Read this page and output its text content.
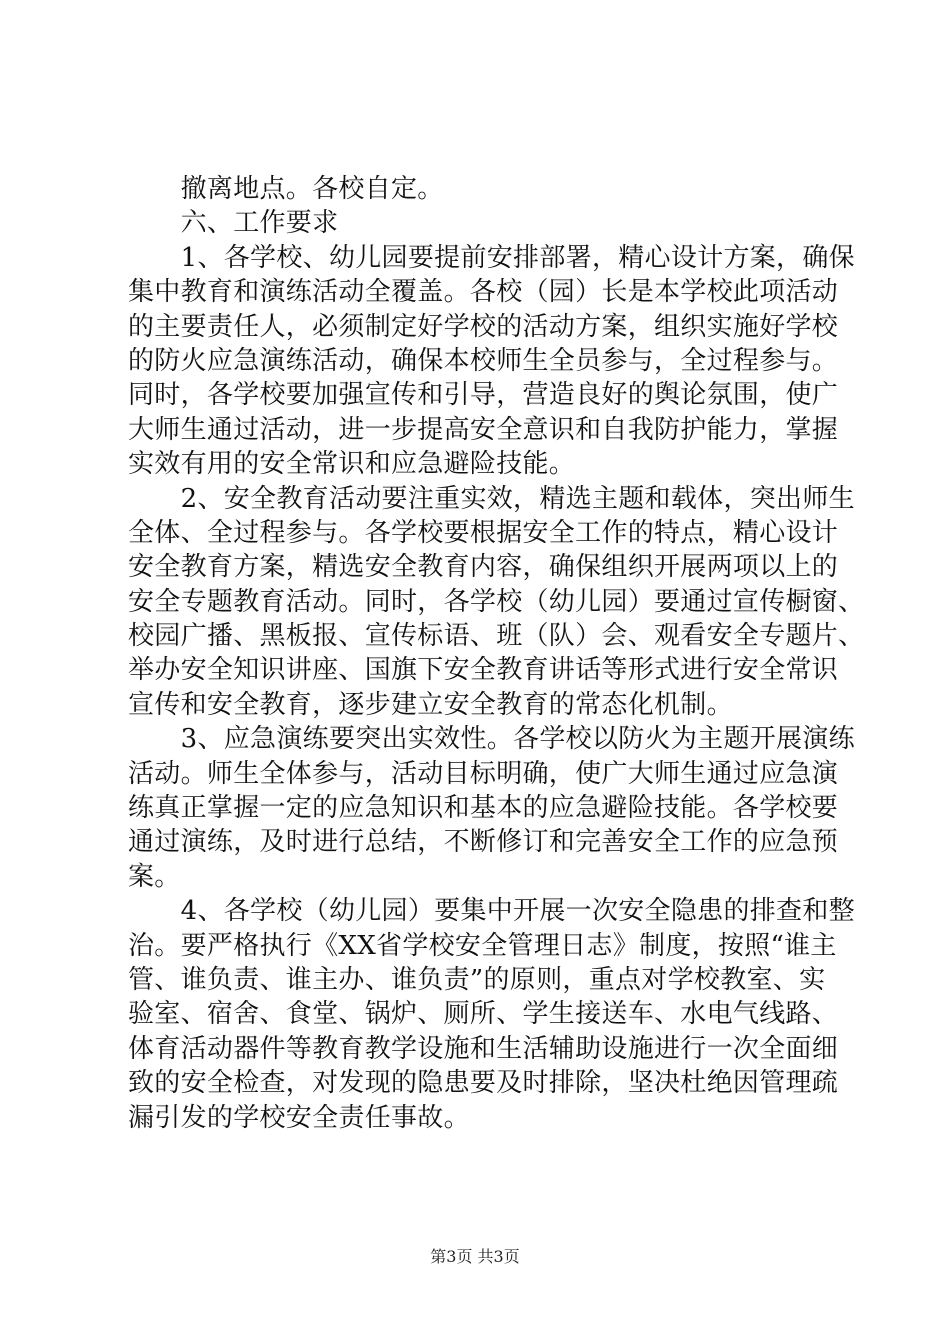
　　撤离地点。各校自定。
　　六、工作要求
　　1、各学校、幼儿园要提前安排部署，精心设计方案，确保
集中教育和演练活动全覆盖。各校（园）长是本学校此项活动
的主要责任人，必须制定好学校的活动方案，组织实施好学校
的防火应急演练活动，确保本校师生全员参与，全过程参与。
同时，各学校要加强宣传和引导，营造良好的舆论氛围，使广
大师生通过活动，进一步提高安全意识和自我防护能力，掌握
实效有用的安全常识和应急避险技能。
　　2、安全教育活动要注重实效，精选主题和载体，突出师生
全体、全过程参与。各学校要根据安全工作的特点，精心设计
安全教育方案，精选安全教育内容，确保组织开展两项以上的
安全专题教育活动。同时，各学校（幼儿园）要通过宣传橱窗、
校园广播、黑板报、宣传标语、班（队）会、观看安全专题片、
举办安全知识讲座、国旗下安全教育讲话等形式进行安全常识
宣传和安全教育，逐步建立安全教育的常态化机制。
　　3、应急演练要突出实效性。各学校以防火为主题开展演练
活动。师生全体参与，活动目标明确，使广大师生通过应急演
练真正掌握一定的应急知识和基本的应急避险技能。各学校要
通过演练，及时进行总结，不断修订和完善安全工作的应急预
案。
　　4、各学校（幼儿园）要集中开展一次安全隐患的排查和整
治。要严格执行《XX省学校安全管理日志》制度，按照“谁主
管、谁负责、谁主办、谁负责”的原则，重点对学校教室、实
验室、宿舍、食堂、锅炉、厕所、学生接送车、水电气线路、
体育活动器件等教育教学设施和生活辅助设施进行一次全面细
致的安全检查，对发现的隐患要及时排除，坚决杜绝因管理疏
漏引发的学校安全责任事故。
第3页 共3页
